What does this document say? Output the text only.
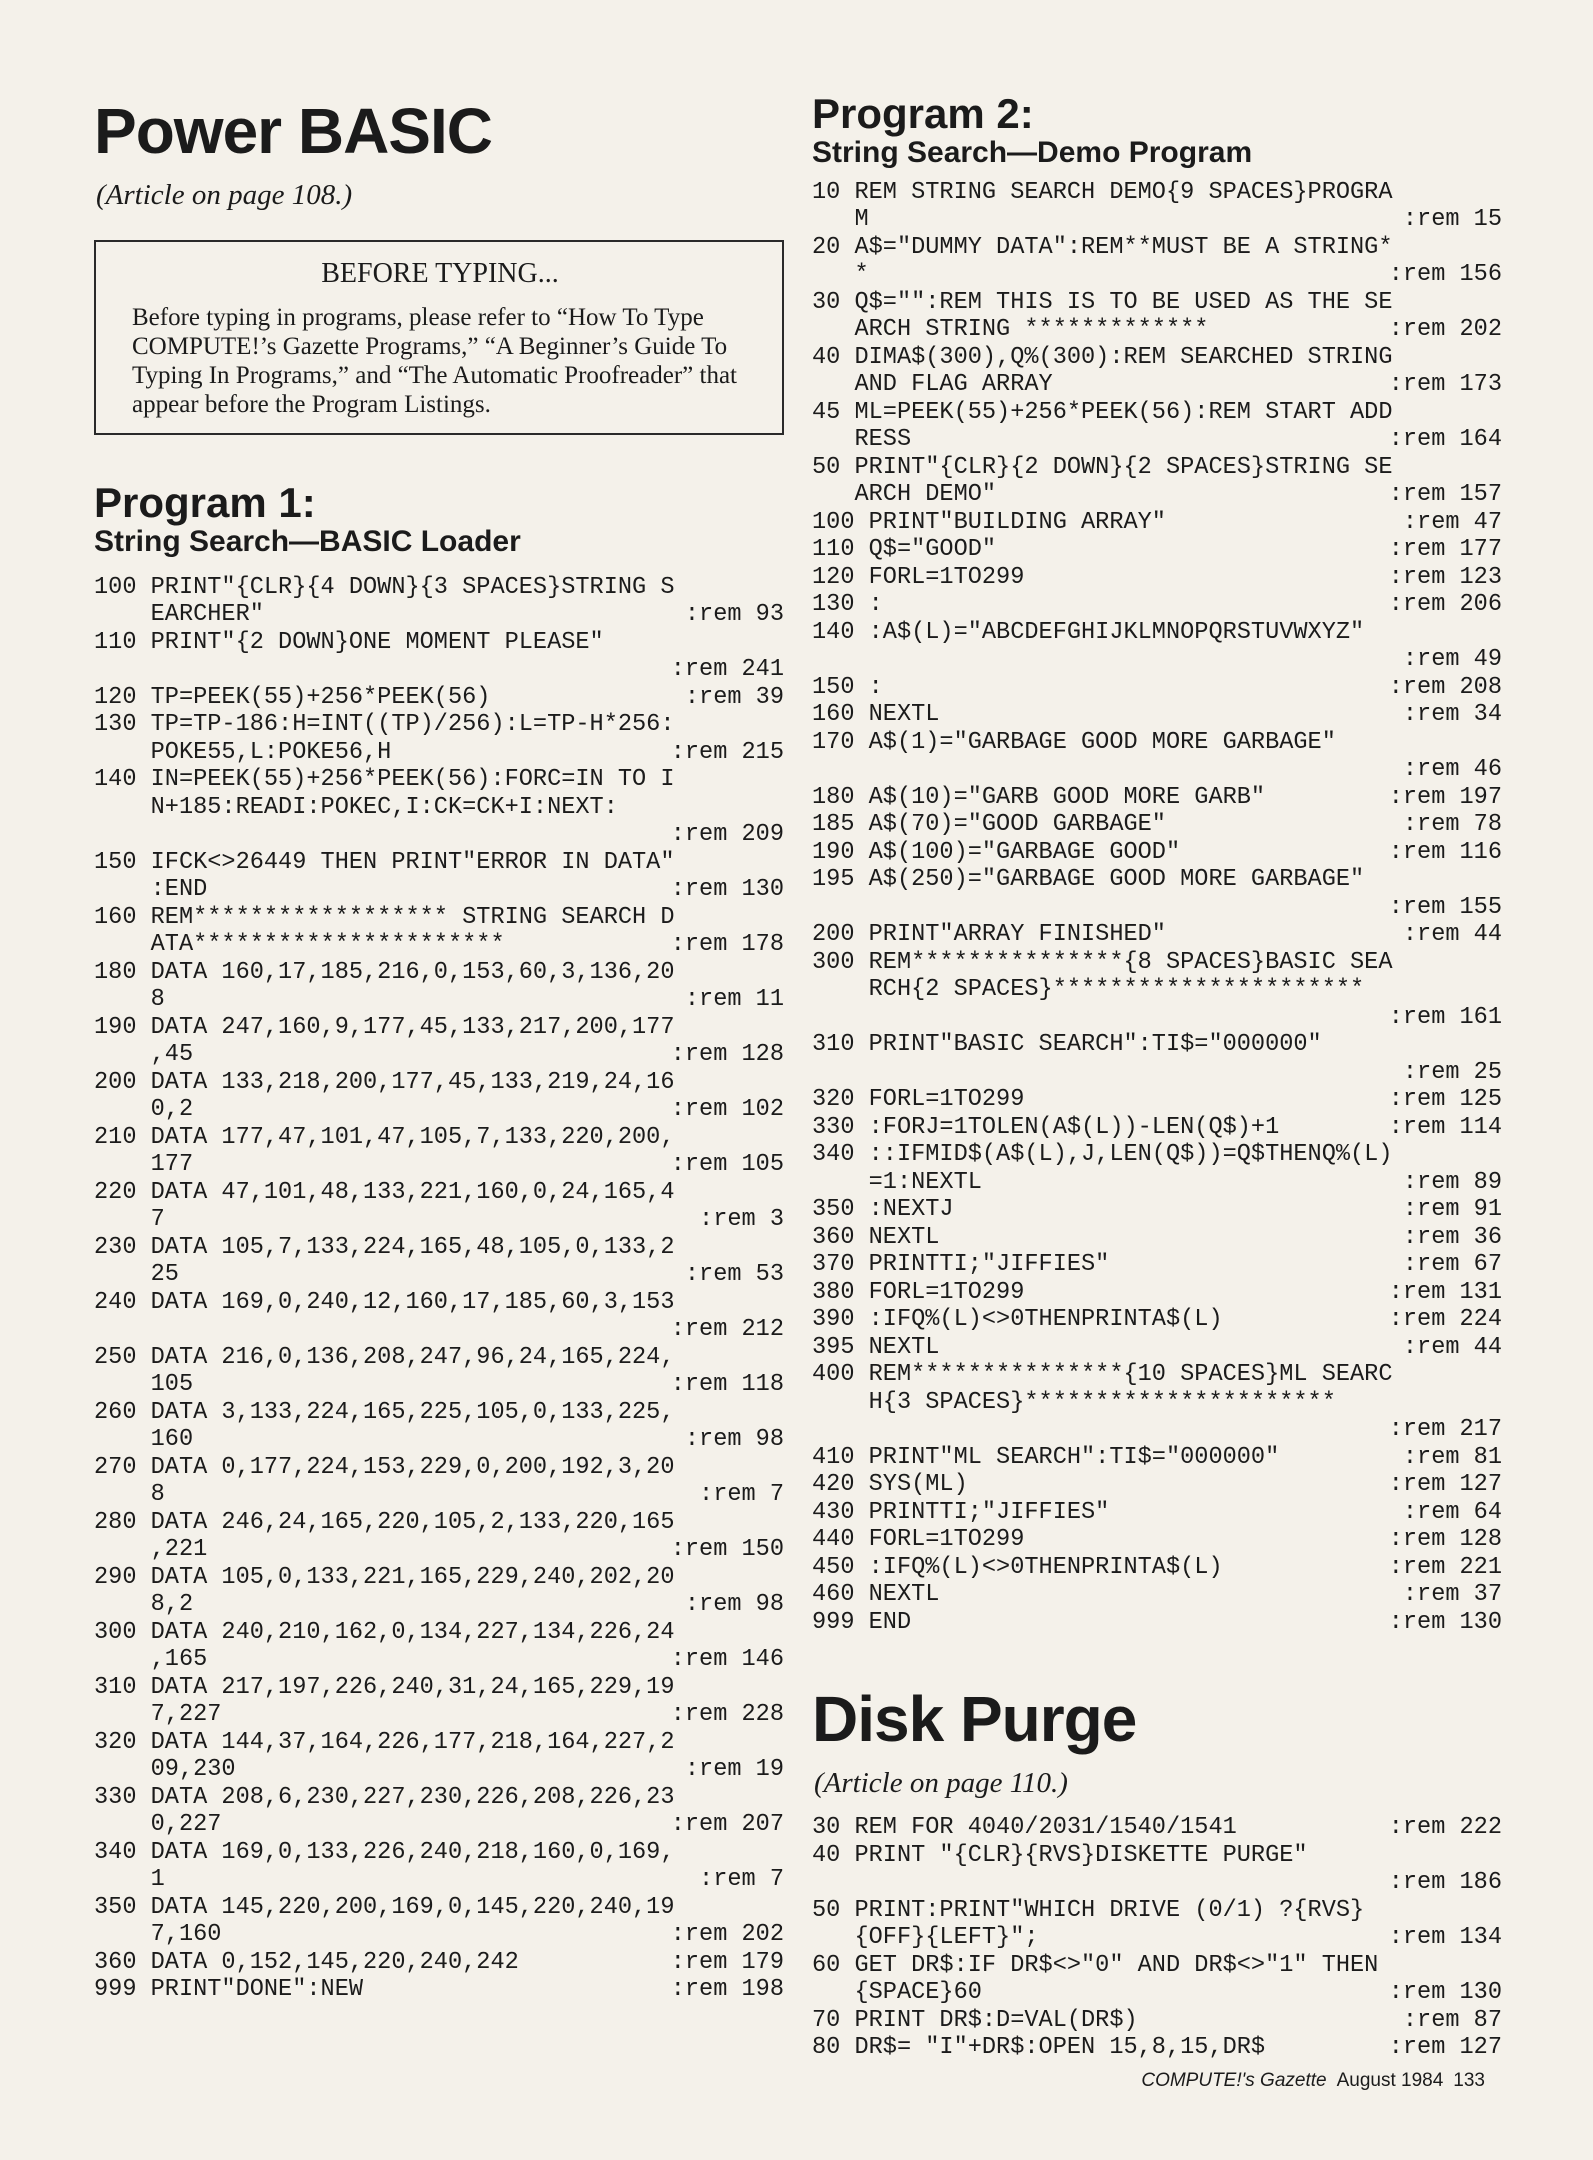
Power BASIC
(Article on page 108.)
BEFORE TYPING...
Before typing in programs, please refer to “How To Type COMPUTE!’s Gazette Programs,” “A Beginner’s Guide To Typing In Programs,” and “The Automatic Proofreader” that appear before the Program Listings.
Program 1:
String Search—BASIC Loader
100 PRINT"{CLR}{4 DOWN}{3 SPACES}STRING S
EARCHER"	:rem 93
110 PRINT"{2 DOWN}ONE MOMENT PLEASE"
:rem 241
120 TP=PEEK(55)+256*PEEK(56)	:rem 39
130 TP=TP-186:H=INT((TP)/256):L=TP-H*256:
POKE55,L:POKE56,H	:rem 215
140 IN=PEEK(55)+256*PEEK(56):FORC=IN TO I
N+185:READI:POKEC,I:CK=CK+I:NEXT:
:rem 209
150 IFCK<>26449 THEN PRINT"ERROR IN DATA"
:END	:rem 130
160 REM****************** STRING SEARCH D
ATA**********************	:rem 178
180 DATA 160,17,185,216,0,153,60,3,136,20
8	:rem 11
190 DATA 247,160,9,177,45,133,217,200,177
,45	:rem 128
200 DATA 133,218,200,177,45,133,219,24,16
0,2	:rem 102
210 DATA 177,47,101,47,105,7,133,220,200,
177	:rem 105
220 DATA 47,101,48,133,221,160,0,24,165,4
7	:rem 3
230 DATA 105,7,133,224,165,48,105,0,133,2
25	:rem 53
240 DATA 169,0,240,12,160,17,185,60,3,153
:rem 212
250 DATA 216,0,136,208,247,96,24,165,224,
105	:rem 118
260 DATA 3,133,224,165,225,105,0,133,225,
160	:rem 98
270 DATA 0,177,224,153,229,0,200,192,3,20
8	:rem 7
280 DATA 246,24,165,220,105,2,133,220,165
,221	:rem 150
290 DATA 105,0,133,221,165,229,240,202,20
8,2	:rem 98
300 DATA 240,210,162,0,134,227,134,226,24
,165	:rem 146
310 DATA 217,197,226,240,31,24,165,229,19
7,227	:rem 228
320 DATA 144,37,164,226,177,218,164,227,2
09,230	:rem 19
330 DATA 208,6,230,227,230,226,208,226,23
0,227	:rem 207
340 DATA 169,0,133,226,240,218,160,0,169,
1	:rem 7
350 DATA 145,220,200,169,0,145,220,240,19
7,160	:rem 202
360 DATA 0,152,145,220,240,242	:rem 179
999 PRINT"DONE":NEW	:rem 198
Program 2:
String Search—Demo Program
10 REM STRING SEARCH DEMO{9 SPACES}PROGRA
M	:rem 15
20 A$="DUMMY DATA":REM**MUST BE A STRING*
*	:rem 156
30 Q$="":REM THIS IS TO BE USED AS THE SE
ARCH STRING *************	:rem 202
40 DIMA$(300),Q%(300):REM SEARCHED STRING
AND FLAG ARRAY	:rem 173
45 ML=PEEK(55)+256*PEEK(56):REM START ADD
RESS	:rem 164
50 PRINT"{CLR}{2 DOWN}{2 SPACES}STRING SE
ARCH DEMO"	:rem 157
100 PRINT"BUILDING ARRAY"	:rem 47
110 Q$="GOOD"	:rem 177
120 FORL=1TO299	:rem 123
130 :	:rem 206
140 :A$(L)="ABCDEFGHIJKLMNOPQRSTUVWXYZ"
:rem 49
150 :	:rem 208
160 NEXTL	:rem 34
170 A$(1)="GARBAGE GOOD MORE GARBAGE"
:rem 46
180 A$(10)="GARB GOOD MORE GARB"	:rem 197
185 A$(70)="GOOD GARBAGE"	:rem 78
190 A$(100)="GARBAGE GOOD"	:rem 116
195 A$(250)="GARBAGE GOOD MORE GARBAGE"
:rem 155
200 PRINT"ARRAY FINISHED"	:rem 44
300 REM***************{8 SPACES}BASIC SEA
RCH{2 SPACES}**********************
:rem 161
310 PRINT"BASIC SEARCH":TI$="000000"
:rem 25
320 FORL=1TO299	:rem 125
330 :FORJ=1TOLEN(A$(L))-LEN(Q$)+1	:rem 114
340 ::IFMID$(A$(L),J,LEN(Q$))=Q$THENQ%(L)
=1:NEXTL	:rem 89
350 :NEXTJ	:rem 91
360 NEXTL	:rem 36
370 PRINTTI;"JIFFIES"	:rem 67
380 FORL=1TO299	:rem 131
390 :IFQ%(L)<>0THENPRINTA$(L)	:rem 224
395 NEXTL	:rem 44
400 REM***************{10 SPACES}ML SEARC
H{3 SPACES}**********************
:rem 217
410 PRINT"ML SEARCH":TI$="000000"	:rem 81
420 SYS(ML)	:rem 127
430 PRINTTI;"JIFFIES"	:rem 64
440 FORL=1TO299	:rem 128
450 :IFQ%(L)<>0THENPRINTA$(L)	:rem 221
460 NEXTL	:rem 37
999 END	:rem 130
Disk Purge
(Article on page 110.)
30 REM FOR 4040/2031/1540/1541	:rem 222
40 PRINT "{CLR}{RVS}DISKETTE PURGE"
:rem 186
50 PRINT:PRINT"WHICH DRIVE (0/1) ?{RVS}
{OFF}{LEFT}";	:rem 134
60 GET DR$:IF DR$<>"0" AND DR$<>"1" THEN
{SPACE}60	:rem 130
70 PRINT DR$:D=VAL(DR$)	:rem 87
80 DR$= "I"+DR$:OPEN 15,8,15,DR$	:rem 127
COMPUTE!'s Gazette August 1984 133
